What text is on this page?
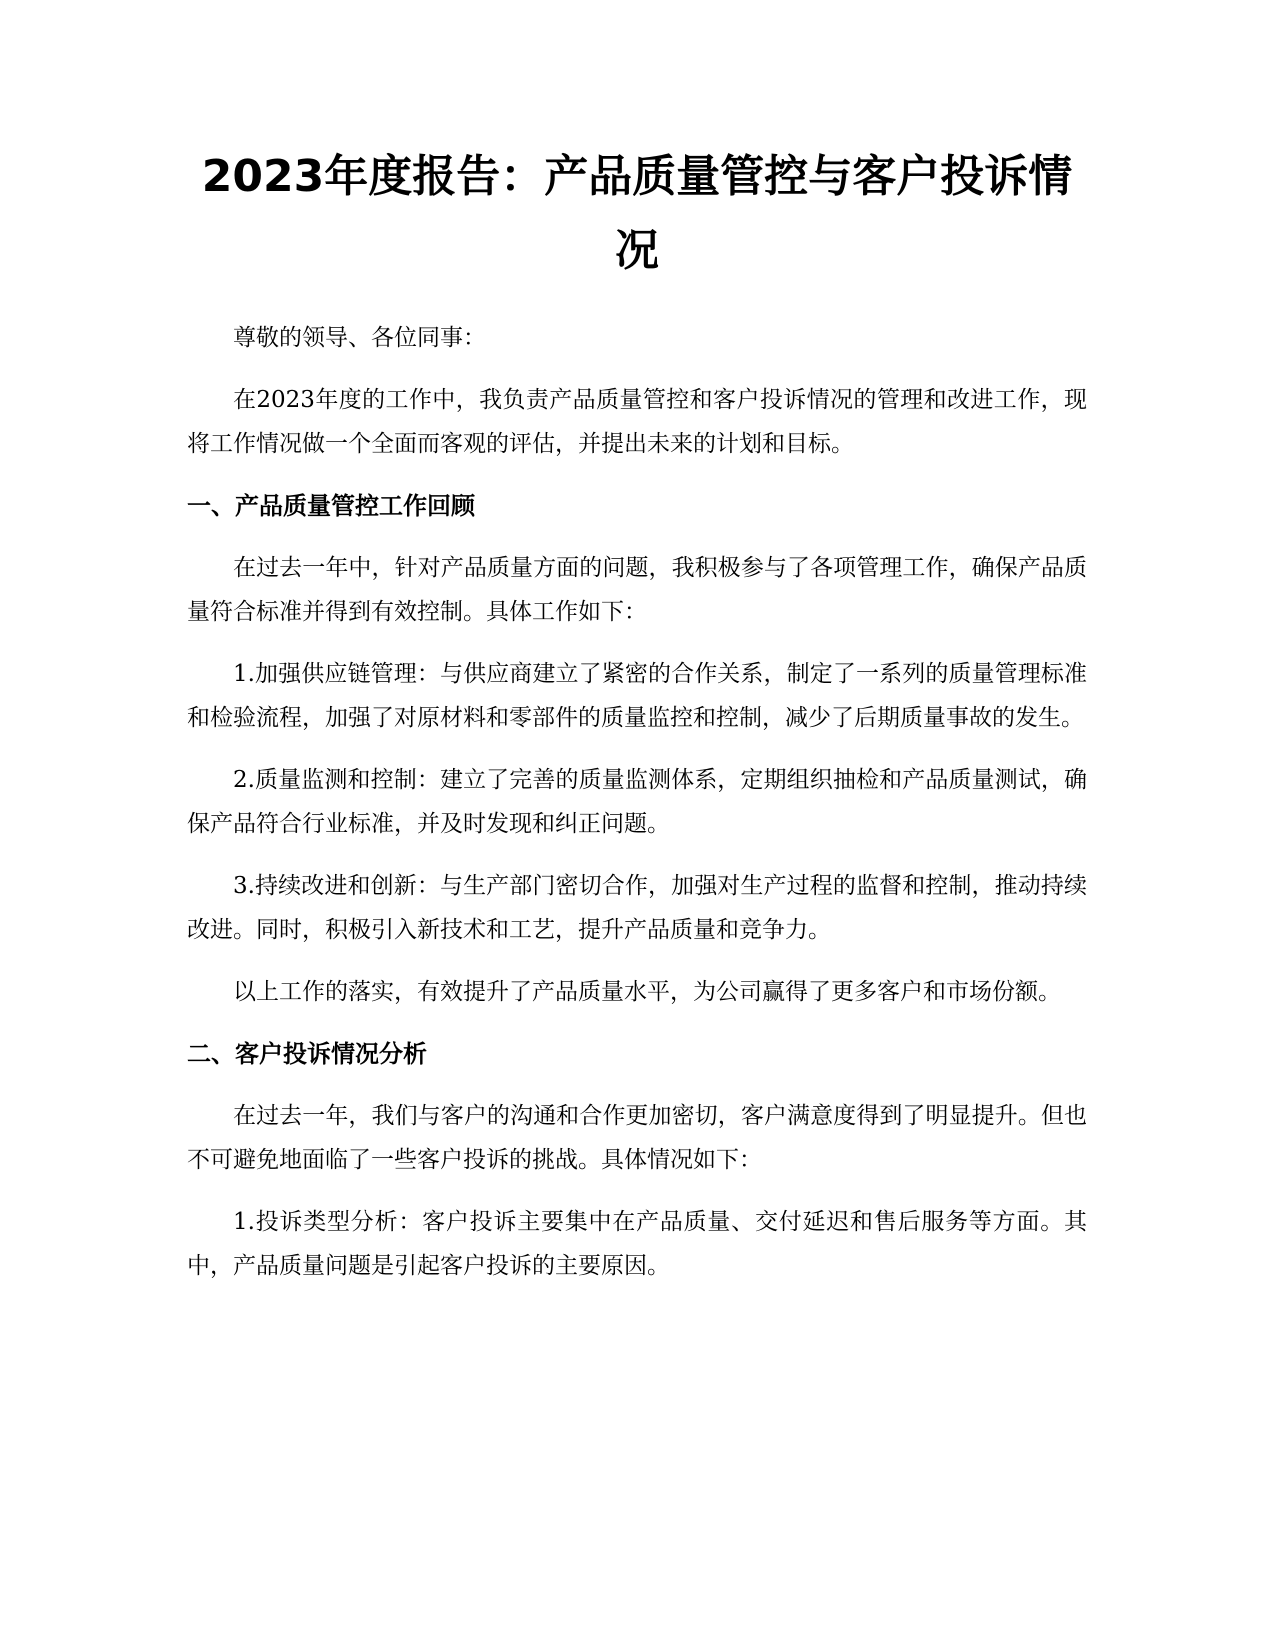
2023年度报告：产品质量管控与客户投诉情况

尊敬的领导、各位同事：

在2023年度的工作中，我负责产品质量管控和客户投诉情况的管理和改进工作，现将工作情况做一个全面而客观的评估，并提出未来的计划和目标。

一、产品质量管控工作回顾

在过去一年中，针对产品质量方面的问题，我积极参与了各项管理工作，确保产品质量符合标准并得到有效控制。具体工作如下：

1.加强供应链管理：与供应商建立了紧密的合作关系，制定了一系列的质量管理标准和检验流程，加强了对原材料和零部件的质量监控和控制，减少了后期质量事故的发生。

2.质量监测和控制：建立了完善的质量监测体系，定期组织抽检和产品质量测试，确保产品符合行业标准，并及时发现和纠正问题。

3.持续改进和创新：与生产部门密切合作，加强对生产过程的监督和控制，推动持续改进。同时，积极引入新技术和工艺，提升产品质量和竞争力。

以上工作的落实，有效提升了产品质量水平，为公司赢得了更多客户和市场份额。

二、客户投诉情况分析

在过去一年，我们与客户的沟通和合作更加密切，客户满意度得到了明显提升。但也不可避免地面临了一些客户投诉的挑战。具体情况如下：

1.投诉类型分析：客户投诉主要集中在产品质量、交付延迟和售后服务等方面。其中，产品质量问题是引起客户投诉的主要原因。
